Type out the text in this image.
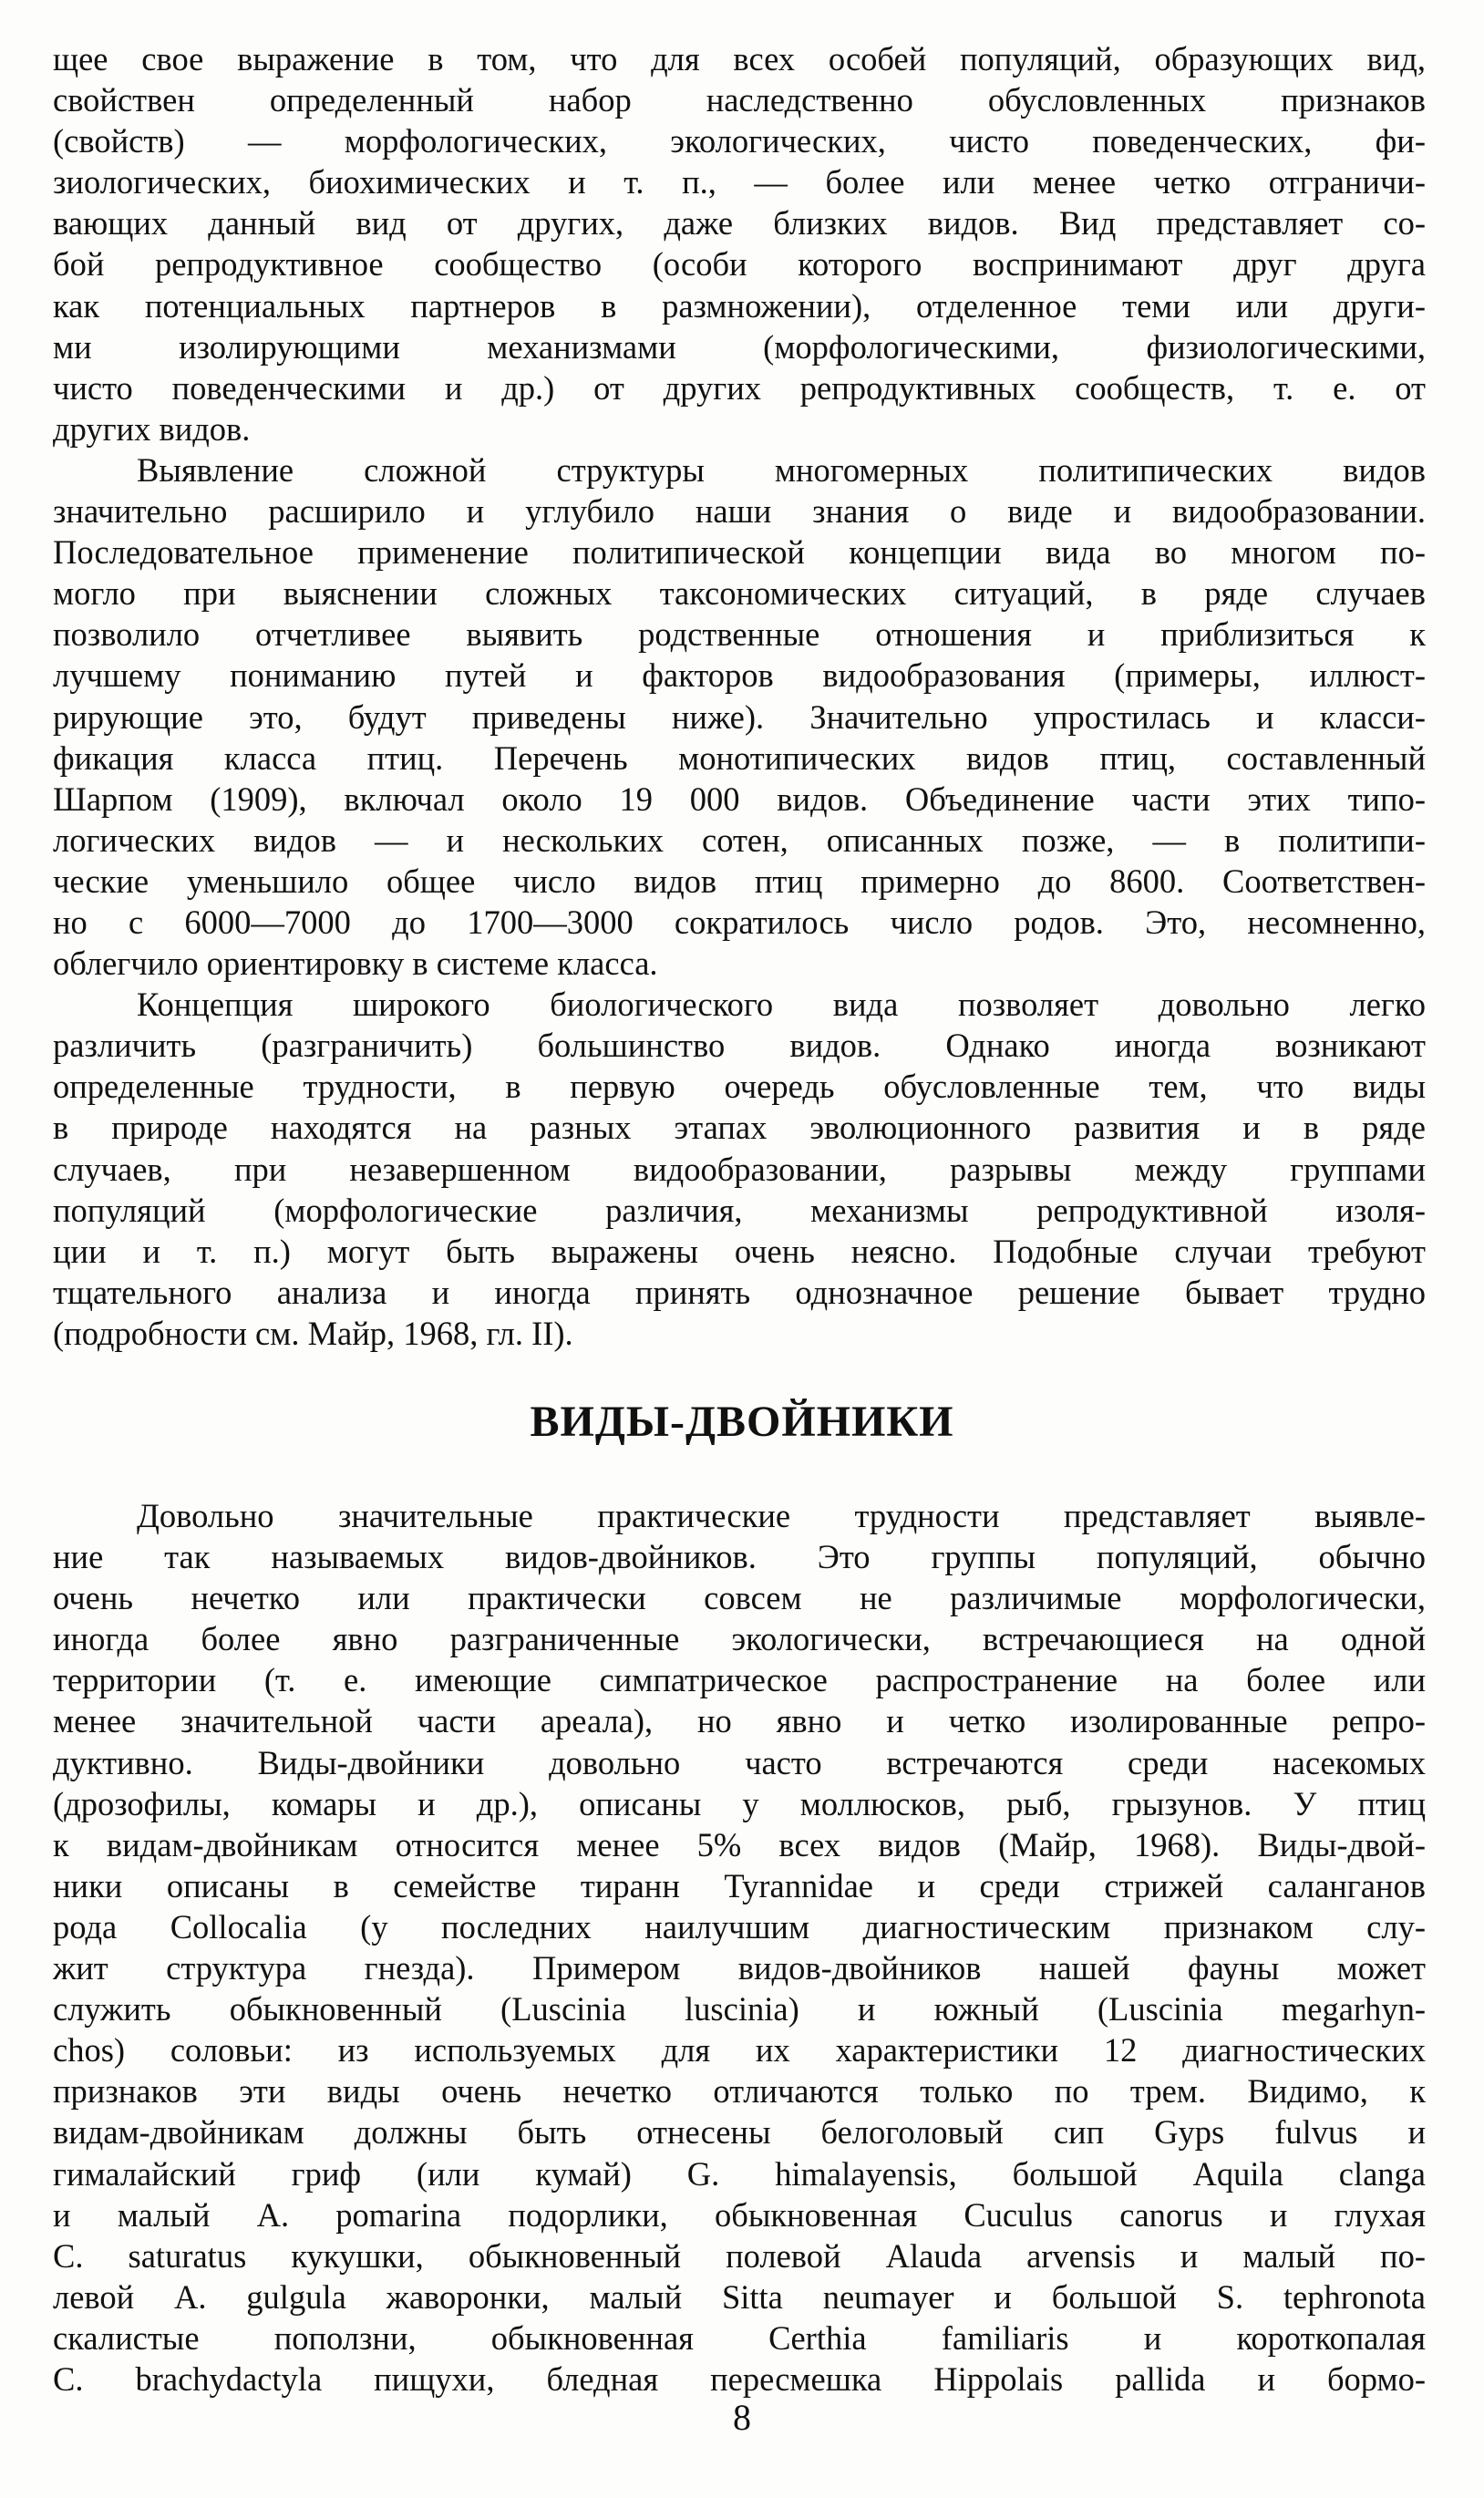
щее свое выражение в том, что для всех особей популяций, образующих вид,
свойствен определенный набор наследственно обусловленных признаков
(свойств) — морфологических, экологических, чисто поведенческих, фи-
зиологических, биохимических и т. п., — более или менее четко отграничи-
вающих данный вид от других, даже близких видов. Вид представляет со-
бой репродуктивное сообщество (особи которого воспринимают друг друга
как потенциальных партнеров в размножении), отделенное теми или други-
ми изолирующими механизмами (морфологическими, физиологическими,
чисто поведенческими и др.) от других репродуктивных сообществ, т. е. от
других видов.
Выявление сложной структуры многомерных политипических видов
значительно расширило и углубило наши знания о виде и видообразовании.
Последовательное применение политипической концепции вида во многом по-
могло при выяснении сложных таксономических ситуаций, в ряде случаев
позволило отчетливее выявить родственные отношения и приблизиться к
лучшему пониманию путей и факторов видообразования (примеры, иллюст-
рирующие это, будут приведены ниже). Значительно упростилась и класси-
фикация класса птиц. Перечень монотипических видов птиц, составленный
Шарпом (1909), включал около 19 000 видов. Объединение части этих типо-
логических видов — и нескольких сотен, описанных позже, — в политипи-
ческие уменьшило общее число видов птиц примерно до 8600. Соответствен-
но с 6000—7000 до 1700—3000 сократилось число родов. Это, несомненно,
облегчило ориентировку в системе класса.
Концепция широкого биологического вида позволяет довольно легко
различить (разграничить) большинство видов. Однако иногда возникают
определенные трудности, в первую очередь обусловленные тем, что виды
в природе находятся на разных этапах эволюционного развития и в ряде
случаев, при незавершенном видообразовании, разрывы между группами
популяций (морфологические различия, механизмы репродуктивной изоля-
ции и т. п.) могут быть выражены очень неясно. Подобные случаи требуют
тщательного анализа и иногда принять однозначное решение бывает трудно
(подробности см. Майр, 1968, гл. II).
ВИДЫ-ДВОЙНИКИ
Довольно значительные практические трудности представляет выявле-
ние так называемых видов-двойников. Это группы популяций, обычно
очень нечетко или практически совсем не различимые морфологически,
иногда более явно разграниченные экологически, встречающиеся на одной
территории (т. е. имеющие симпатрическое распространение на более или
менее значительной части ареала), но явно и четко изолированные репро-
дуктивно. Виды-двойники довольно часто встречаются среди насекомых
(дрозофилы, комары и др.), описаны у моллюсков, рыб, грызунов. У птиц
к видам-двойникам относится менее 5% всех видов (Майр, 1968). Виды-двой-
ники описаны в семействе тиранн Tyrannidae и среди стрижей саланганов
рода Collocalia (у последних наилучшим диагностическим признаком слу-
жит структура гнезда). Примером видов-двойников нашей фауны может
служить обыкновенный (Luscinia luscinia) и южный (Luscinia megarhyn-
chos) соловьи: из используемых для их характеристики 12 диагностических
признаков эти виды очень нечетко отличаются только по трем. Видимо, к
видам-двойникам должны быть отнесены белоголовый сип Gyps fulvus и
гималайский гриф (или кумай) G. himalayensis, большой Aquila clanga
и малый A. pomarina подорлики, обыкновенная Cuculus canorus и глухая
C. saturatus кукушки, обыкновенный полевой Alauda arvensis и малый по-
левой A. gulgula жаворонки, малый Sitta neumayer и большой S. tephronota
скалистые поползни, обыкновенная Certhia familiaris и короткопалая
C. brachydactyla пищухи, бледная пересмешка Hippolais pallida и бормо-
8
